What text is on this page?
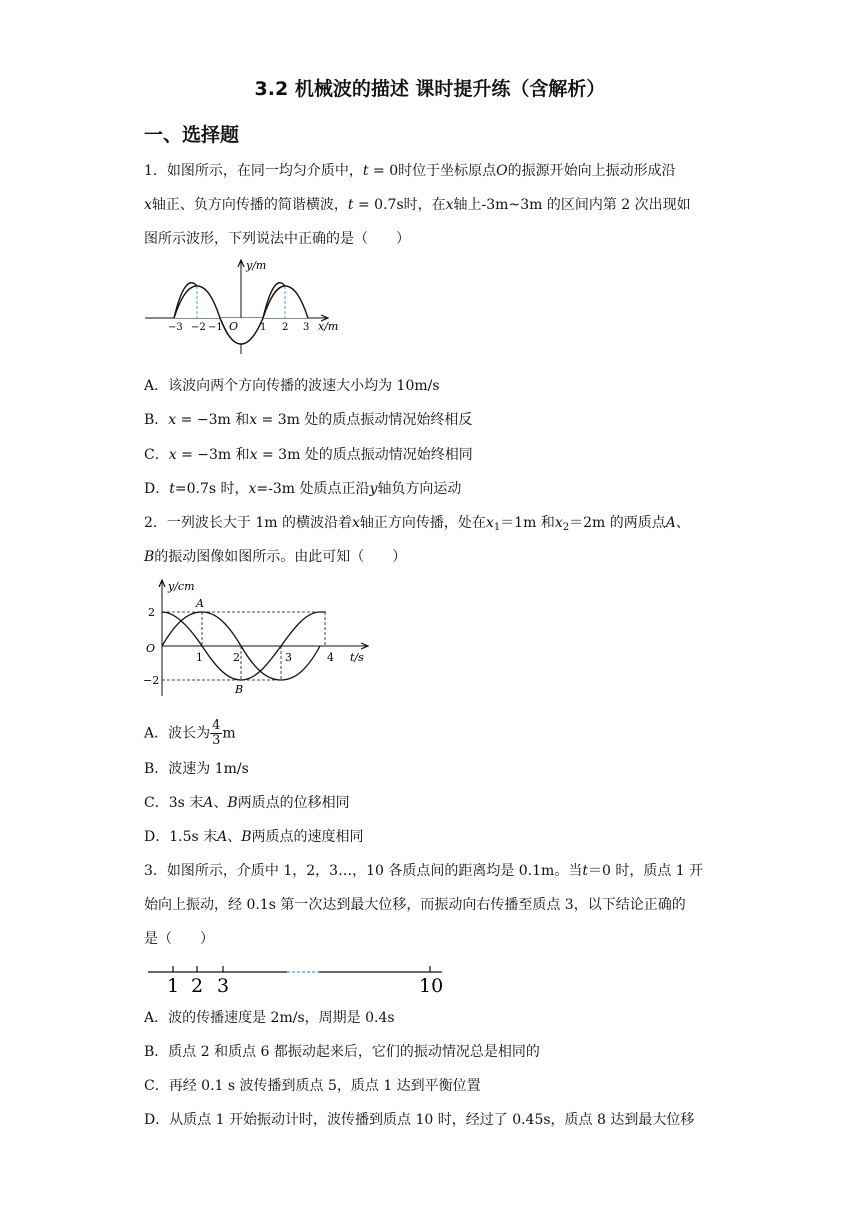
3.2 机械波的描述 课时提升练（含解析）
一、选择题
1．如图所示，在同一均匀介质中，t = 0时位于坐标原点O的振源开始向上振动形成沿
x轴正、负方向传播的简谐横波，t = 0.7s时，在x轴上-3m~3m 的区间内第 2 次出现如
图所示波形，下列说法中正确的是（　　）
y/m
x/m
O
−3 −2 −1	1 2 3
A．该波向两个方向传播的波速大小均为 10m/s
B．x = −3m 和x = 3m 处的质点振动情况始终相反
C．x = −3m 和x = 3m 处的质点振动情况始终相同
D．t=0.7s 时，x=-3m 处质点正沿y轴负方向运动
2．一列波长大于 1m 的横波沿着x轴正方向传播，处在$x_1=1m$ 和$x_2=2m$ 的两质点A、
B的振动图像如图所示。由此可知（　　）
y/cm
t/s
O
2
−2
1	2	3	4
A
B
A．波长为 $\frac{4}{3}$ m
B．波速为 1m/s
C．3s 末A、B两质点的位移相同
D．1.5s 末A、B两质点的速度相同
3．如图所示，介质中 1，2，3…，10 各质点间的距离均是 0.1m。当t＝0 时，质点 1 开
始向上振动，经 0.1s 第一次达到最大位移，而振动向右传播至质点 3，以下结论正确的
是（　　）
1 2 3	10
A．波的传播速度是 2m/s，周期是 0.4s
B．质点 2 和质点 6 都振动起来后，它们的振动情况总是相同的
C．再经 0.1 s 波传播到质点 5，质点 1 达到平衡位置
D．从质点 1 开始振动计时，波传播到质点 10 时，经过了 0.45s，质点 8 达到最大位移
